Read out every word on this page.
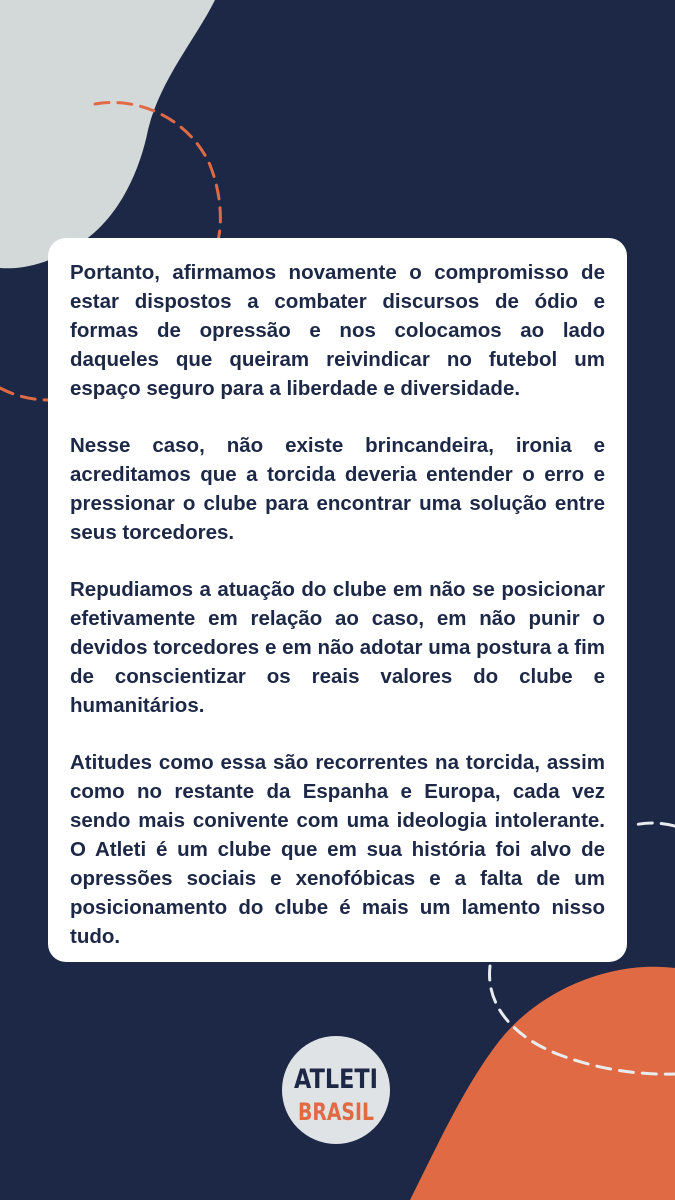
Portanto, afirmamos novamente o compromisso de estar dispostos a combater discursos de ódio e formas de opressão e nos colocamos ao lado daqueles que queiram reivindicar no futebol um espaço seguro para a liberdade e diversidade.

Nesse caso, não existe brincandeira, ironia e acreditamos que a torcida deveria entender o erro e pressionar o clube para encontrar uma solução entre seus torcedores.

Repudiamos a atuação do clube em não se posicionar efetivamente em relação ao caso, em não punir o devidos torcedores e em não adotar uma postura a fim de conscientizar os reais valores do clube e humanitários.

Atitudes como essa são recorrentes na torcida, assim como no restante da Espanha e Europa, cada vez sendo mais conivente com uma ideologia intolerante. O Atleti é um clube que em sua história foi alvo de opressões sociais e xenofóbicas e a falta de um posicionamento do clube é mais um lamento nisso tudo.

ATLETI
BRASIL
